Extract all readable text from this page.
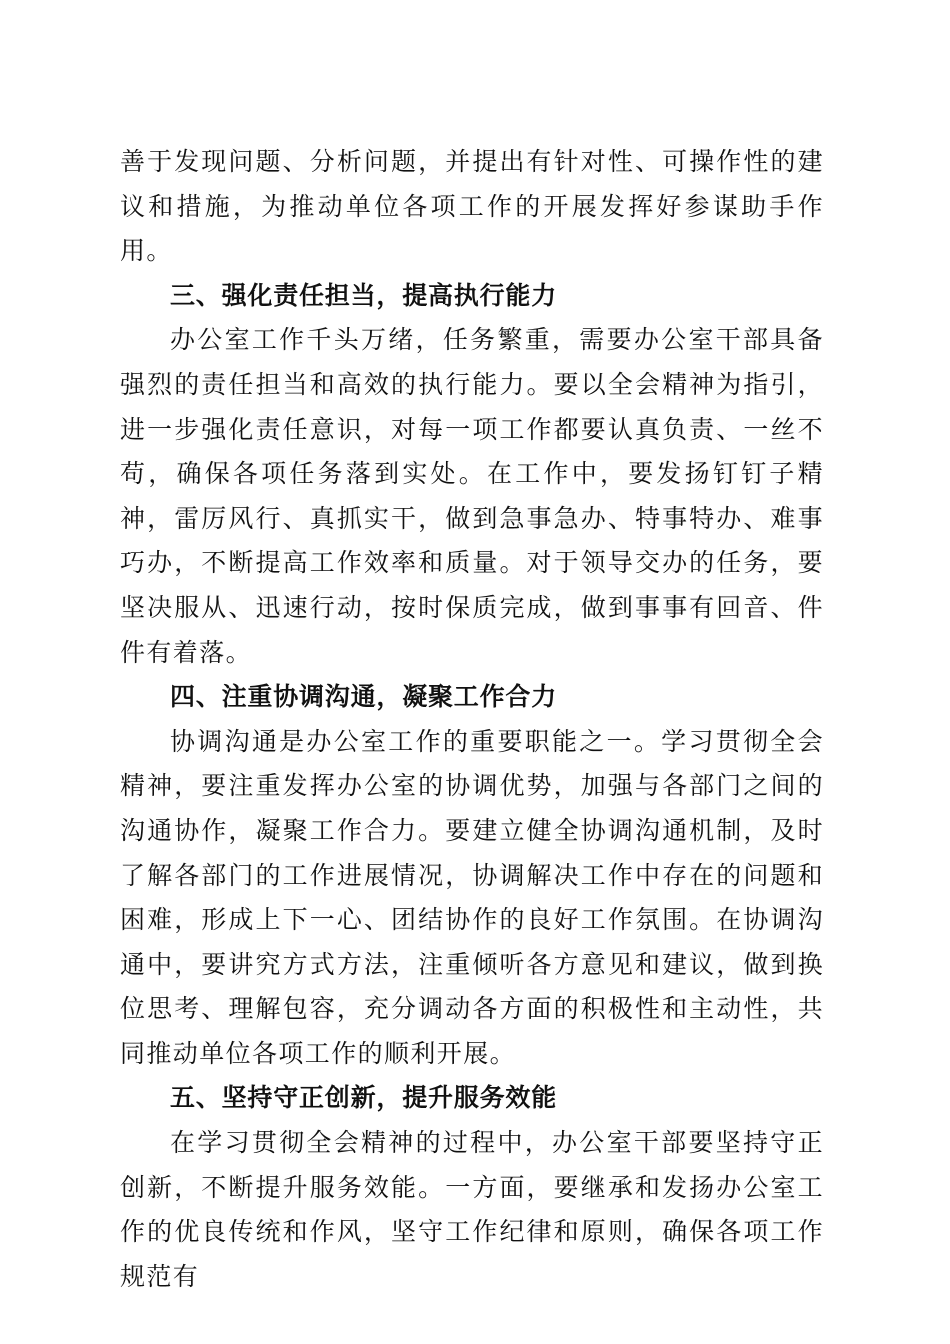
善于发现问题、分析问题，并提出有针对性、可操作性的建议和措施，为推动单位各项工作的开展发挥好参谋助手作用。

三、强化责任担当，提高执行能力

办公室工作千头万绪，任务繁重，需要办公室干部具备强烈的责任担当和高效的执行能力。要以全会精神为指引，进一步强化责任意识，对每一项工作都要认真负责、一丝不苟，确保各项任务落到实处。在工作中，要发扬钉钉子精神，雷厉风行、真抓实干，做到急事急办、特事特办、难事巧办，不断提高工作效率和质量。对于领导交办的任务，要坚决服从、迅速行动，按时保质完成，做到事事有回音、件件有着落。

四、注重协调沟通，凝聚工作合力

协调沟通是办公室工作的重要职能之一。学习贯彻全会精神，要注重发挥办公室的协调优势，加强与各部门之间的沟通协作，凝聚工作合力。要建立健全协调沟通机制，及时了解各部门的工作进展情况，协调解决工作中存在的问题和困难，形成上下一心、团结协作的良好工作氛围。在协调沟通中，要讲究方式方法，注重倾听各方意见和建议，做到换位思考、理解包容，充分调动各方面的积极性和主动性，共同推动单位各项工作的顺利开展。

五、坚持守正创新，提升服务效能

在学习贯彻全会精神的过程中，办公室干部要坚持守正创新，不断提升服务效能。一方面，要继承和发扬办公室工作的优良传统和作风，坚守工作纪律和原则，确保各项工作规范有
